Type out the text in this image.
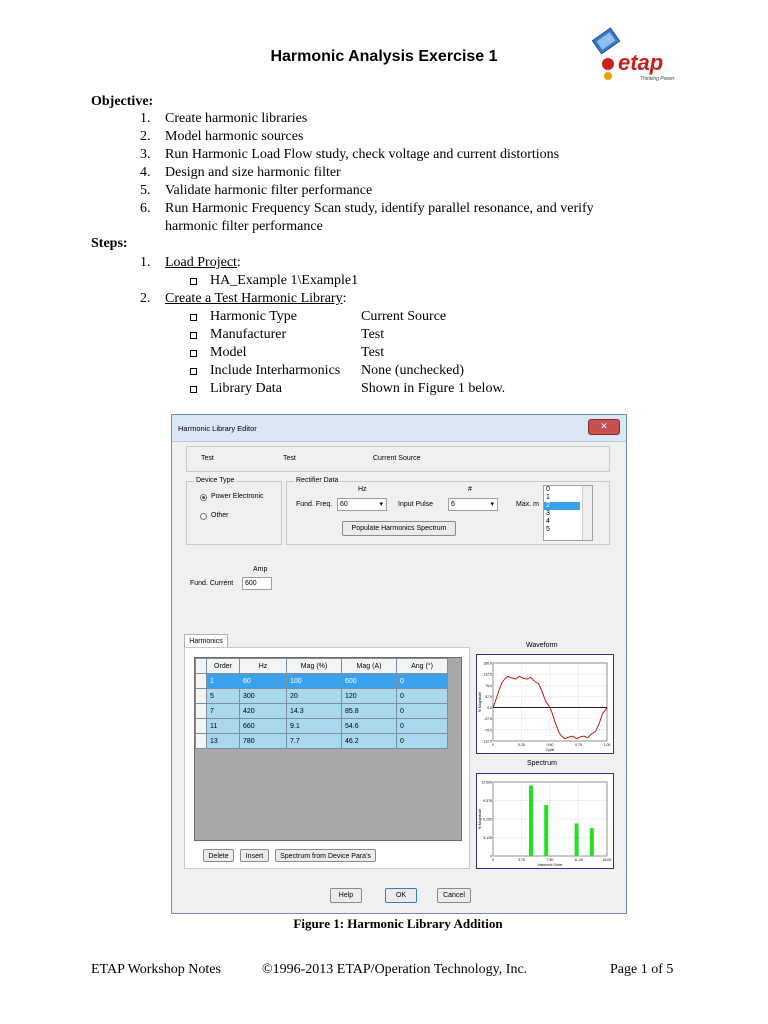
Harmonic Analysis Exercise 1	etap
Thinking Power
Objective:
1. Create harmonic libraries
2. Model harmonic sources
3. Run Harmonic Load Flow study, check voltage and current distortions
4. Design and size harmonic filter
5. Validate harmonic filter performance
6. Run Harmonic Frequency Scan study, identify parallel resonance, and verify harmonic filter performance
Steps:
1. Load Project:
HA_Example 1\Example1
2. Create a Test Harmonic Library:
Harmonic Type	Current Source
Manufacturer	Test
Model	Test
Include Interharmonics None (unchecked)
Library Data	Shown in Figure 1 below.
Harmonic Library Editor	✕
Test	Test	Current Source
Device Type
Power Electronic
Other
Rectifier Data
Hz	#
Fund. Freq.	60	▾ Input Pulse	6	▾	Max. m
0
1
2
3
4
5
Populate Harmonics Spectrum
Amp
Fund. Current	600
Harmonics
	Order	Hz	Mag (%)	Mag (A)	Ang (°)
	1	60	100	600	0
	5	300	20	120	0
	7	420	14.3	85.8	0
	11	660	9.1	54.6	0
	13	780	7.7	46.2	0
Delete	Insert	Spectrum from Device Para's
Waveform
150.0
112.5
75.0
37.5
0.0
-37.5
-75.0
-112.5
0	0.25	0.50	0.75	1.00
Cycle
% Magnitude
Spectrum
12.500
9.375
6.250
3.125
0
0	3.75	7.50	11.25	15.00
Harmonic Order
% Magnitude
Help	OK	Cancel
Figure 1: Harmonic Library Addition
ETAP Workshop Notes	©1996-2013 ETAP/Operation Technology, Inc.	Page 1 of 5
